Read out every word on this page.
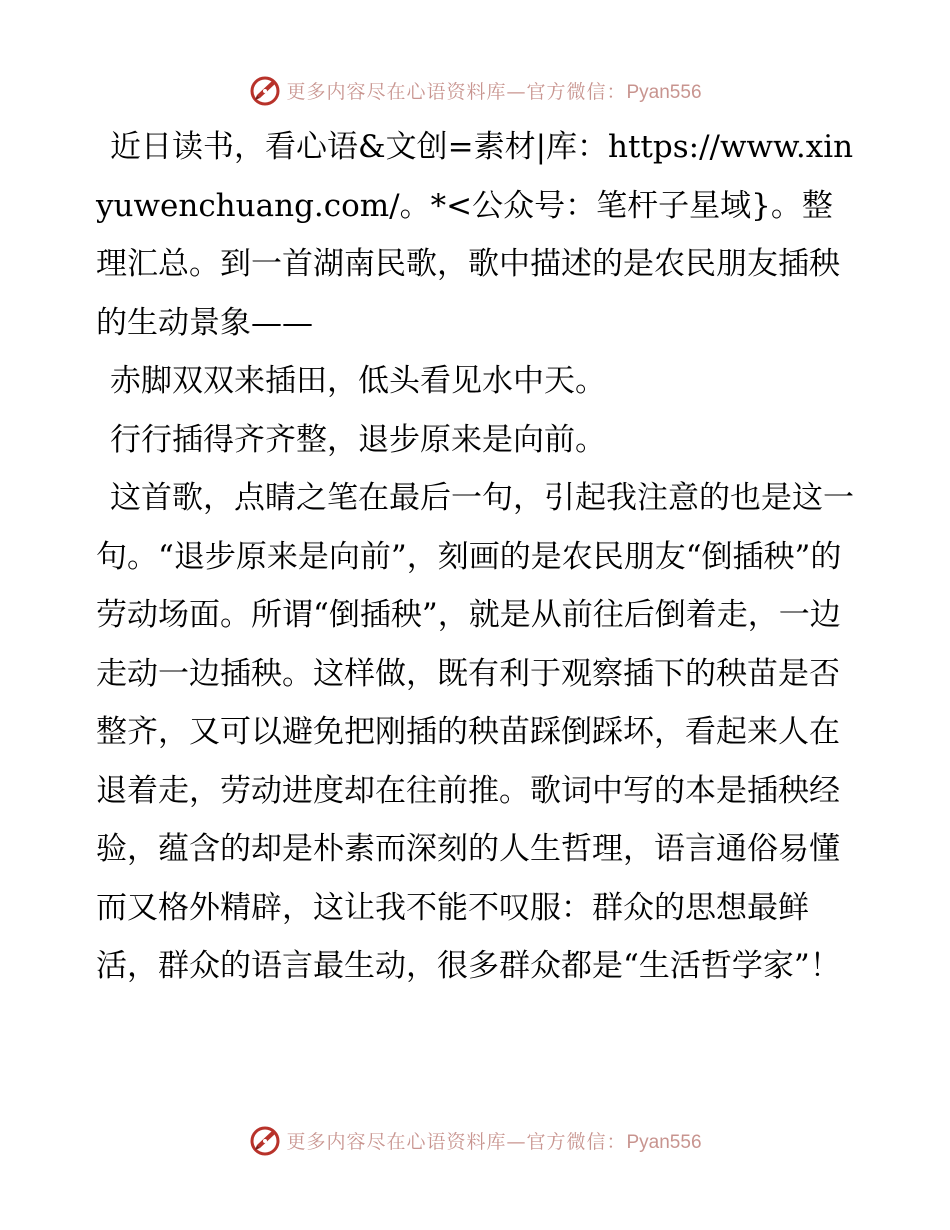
更多内容尽在心语资料库—官方微信：Pyan556

近日读书，看心语&文创=素材|库：https://www.xinyuwenchuang.com/。*<公众号：笔杆子星域}。整理汇总。到一首湖南民歌，歌中描述的是农民朋友插秧的生动景象——

赤脚双双来插田，低头看见水中天。

行行插得齐齐整，退步原来是向前。

这首歌，点睛之笔在最后一句，引起我注意的也是这一句。“退步原来是向前”，刻画的是农民朋友“倒插秧”的劳动场面。所谓“倒插秧”，就是从前往后倒着走，一边走动一边插秧。这样做，既有利于观察插下的秧苗是否整齐，又可以避免把刚插的秧苗踩倒踩坏，看起来人在退着走，劳动进度却在往前推。歌词中写的本是插秧经验，蕴含的却是朴素而深刻的人生哲理，语言通俗易懂而又格外精辟，这让我不能不叹服：群众的思想最鲜活，群众的语言最生动，很多群众都是“生活哲学家”！

更多内容尽在心语资料库—官方微信：Pyan556
